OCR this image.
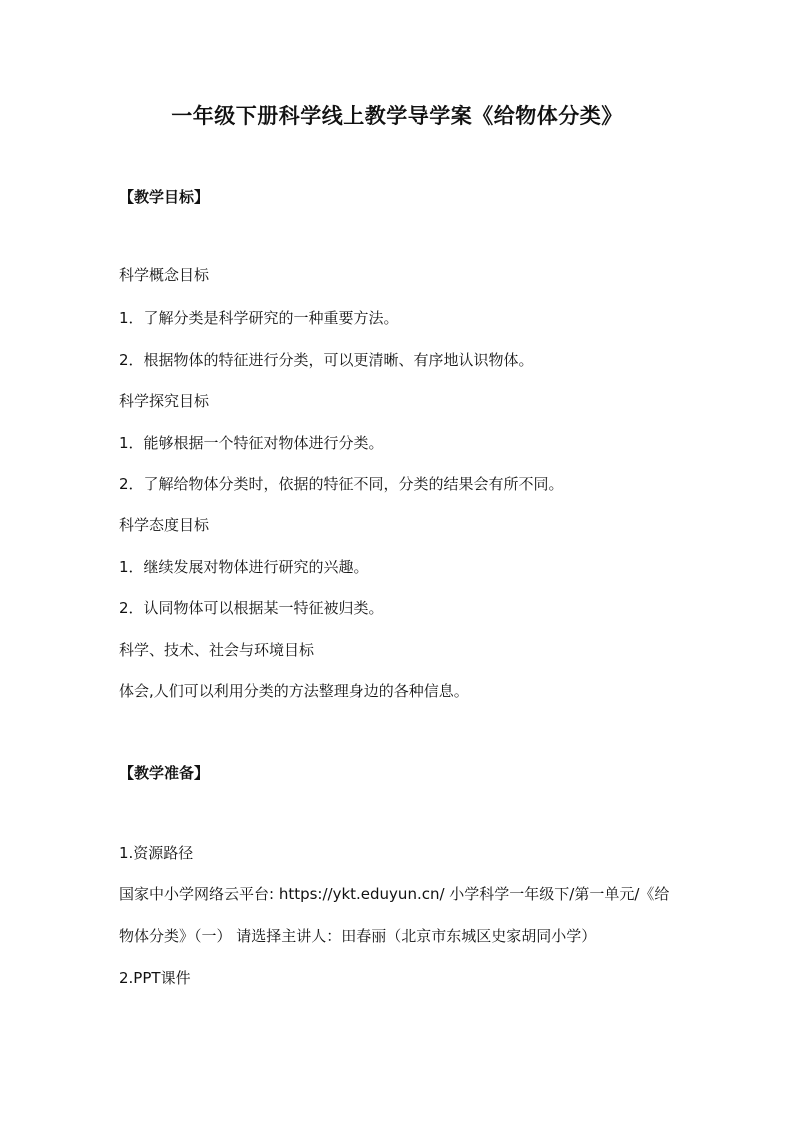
一年级下册科学线上教学导学案《给物体分类》
【教学目标】
科学概念目标
1．了解分类是科学研究的一种重要方法。
2．根据物体的特征进行分类，可以更清晰、有序地认识物体。
科学探究目标
1．能够根据一个特征对物体进行分类。
2．了解给物体分类时，依据的特征不同，分类的结果会有所不同。
科学态度目标
1．继续发展对物体进行研究的兴趣。
2．认同物体可以根据某一特征被归类。
科学、技术、社会与环境目标
体会,人们可以利用分类的方法整理身边的各种信息。
【教学准备】
1.资源路径
国家中小学网络云平台: https://ykt.eduyun.cn/ 小学科学一年级下/第一单元/《给
物体分类》（一） 请选择主讲人：田春丽（北京市东城区史家胡同小学）
2.PPT课件
